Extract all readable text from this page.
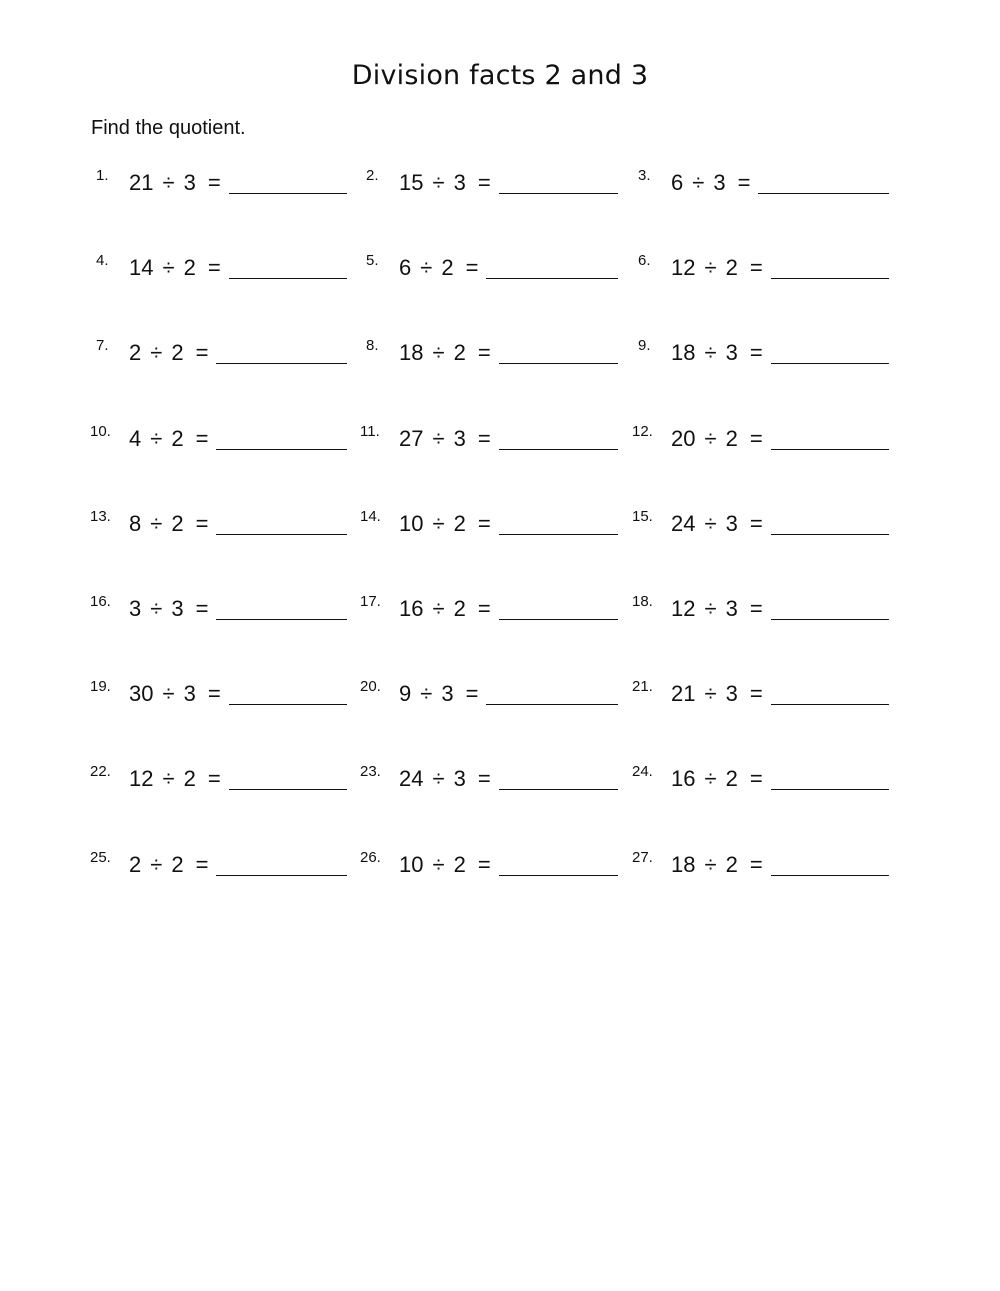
Division facts 2 and 3
Find the quotient.
1. 21 ÷ 3 =	2. 15 ÷ 3 =	3. 6 ÷ 3 =
4. 14 ÷ 2 =	5. 6 ÷ 2 =	6. 12 ÷ 2 =
7. 2 ÷ 2 =	8. 18 ÷ 2 =	9. 18 ÷ 3 =
10. 4 ÷ 2 =	11. 27 ÷ 3 =	12. 20 ÷ 2 =
13. 8 ÷ 2 =	14. 10 ÷ 2 =	15. 24 ÷ 3 =
16. 3 ÷ 3 =	17. 16 ÷ 2 =	18. 12 ÷ 3 =
19. 30 ÷ 3 =	20. 9 ÷ 3 =	21. 21 ÷ 3 =
22. 12 ÷ 2 =	23. 24 ÷ 3 =	24. 16 ÷ 2 =
25. 2 ÷ 2 =	26. 10 ÷ 2 =	27. 18 ÷ 2 =
